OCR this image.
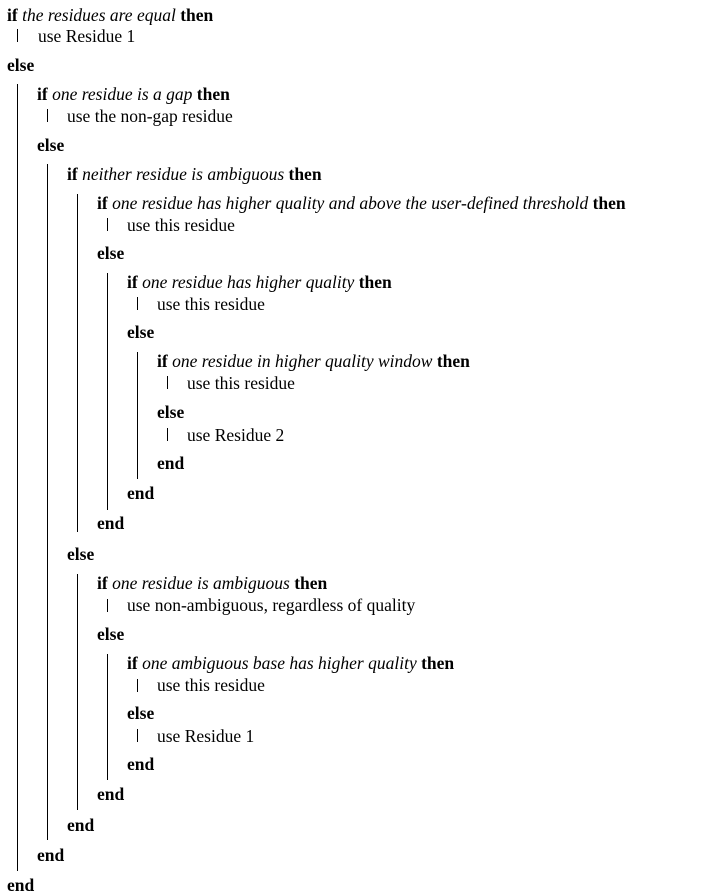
if the residues are equal then
use Residue 1
else
if one residue is a gap then
use the non-gap residue
else
if neither residue is ambiguous then
if one residue has higher quality and above the user-defined threshold then
use this residue
else
if one residue has higher quality then
use this residue
else
if one residue in higher quality window then
use this residue
else
use Residue 2
end
end
end
else
if one residue is ambiguous then
use non-ambiguous, regardless of quality
else
if one ambiguous base has higher quality then
use this residue
else
use Residue 1
end
end
end
end
end
